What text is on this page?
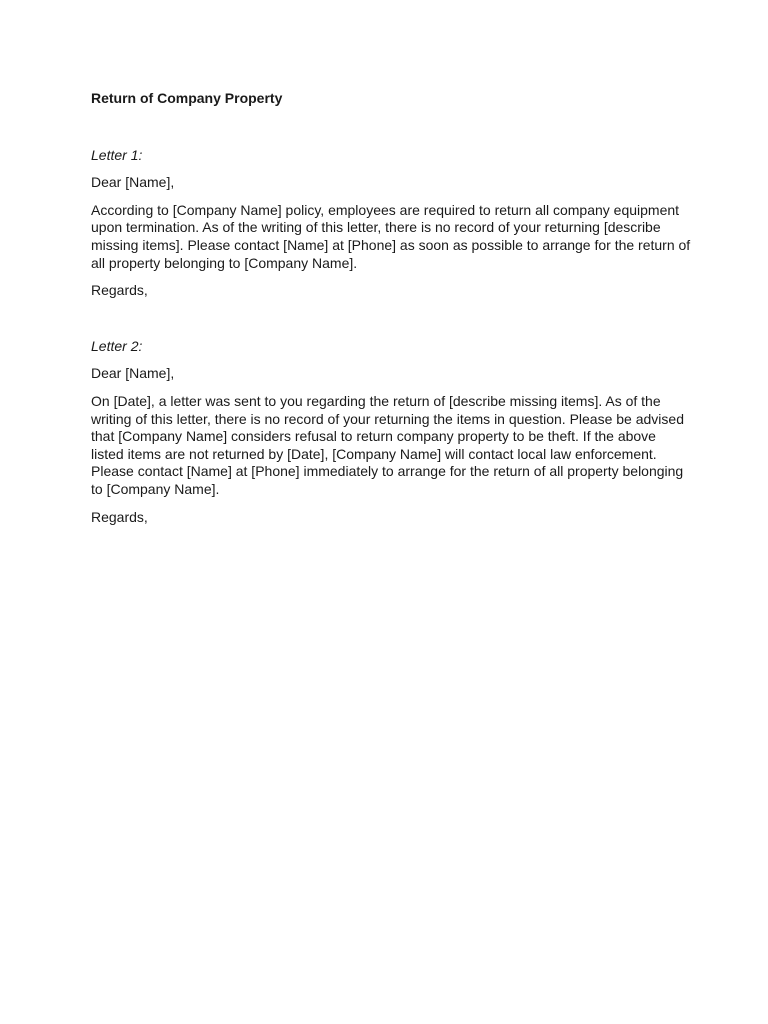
Return of Company Property

Letter 1:

Dear [Name],

According to [Company Name] policy, employees are required to return all company equipment upon termination. As of the writing of this letter, there is no record of your returning [describe missing items]. Please contact [Name] at [Phone] as soon as possible to arrange for the return of all property belonging to [Company Name].

Regards,

Letter 2:

Dear [Name],

On [Date], a letter was sent to you regarding the return of [describe missing items]. As of the writing of this letter, there is no record of your returning the items in question. Please be advised that [Company Name] considers refusal to return company property to be theft. If the above listed items are not returned by [Date], [Company Name] will contact local law enforcement. Please contact [Name] at [Phone] immediately to arrange for the return of all property belonging to [Company Name].

Regards,
